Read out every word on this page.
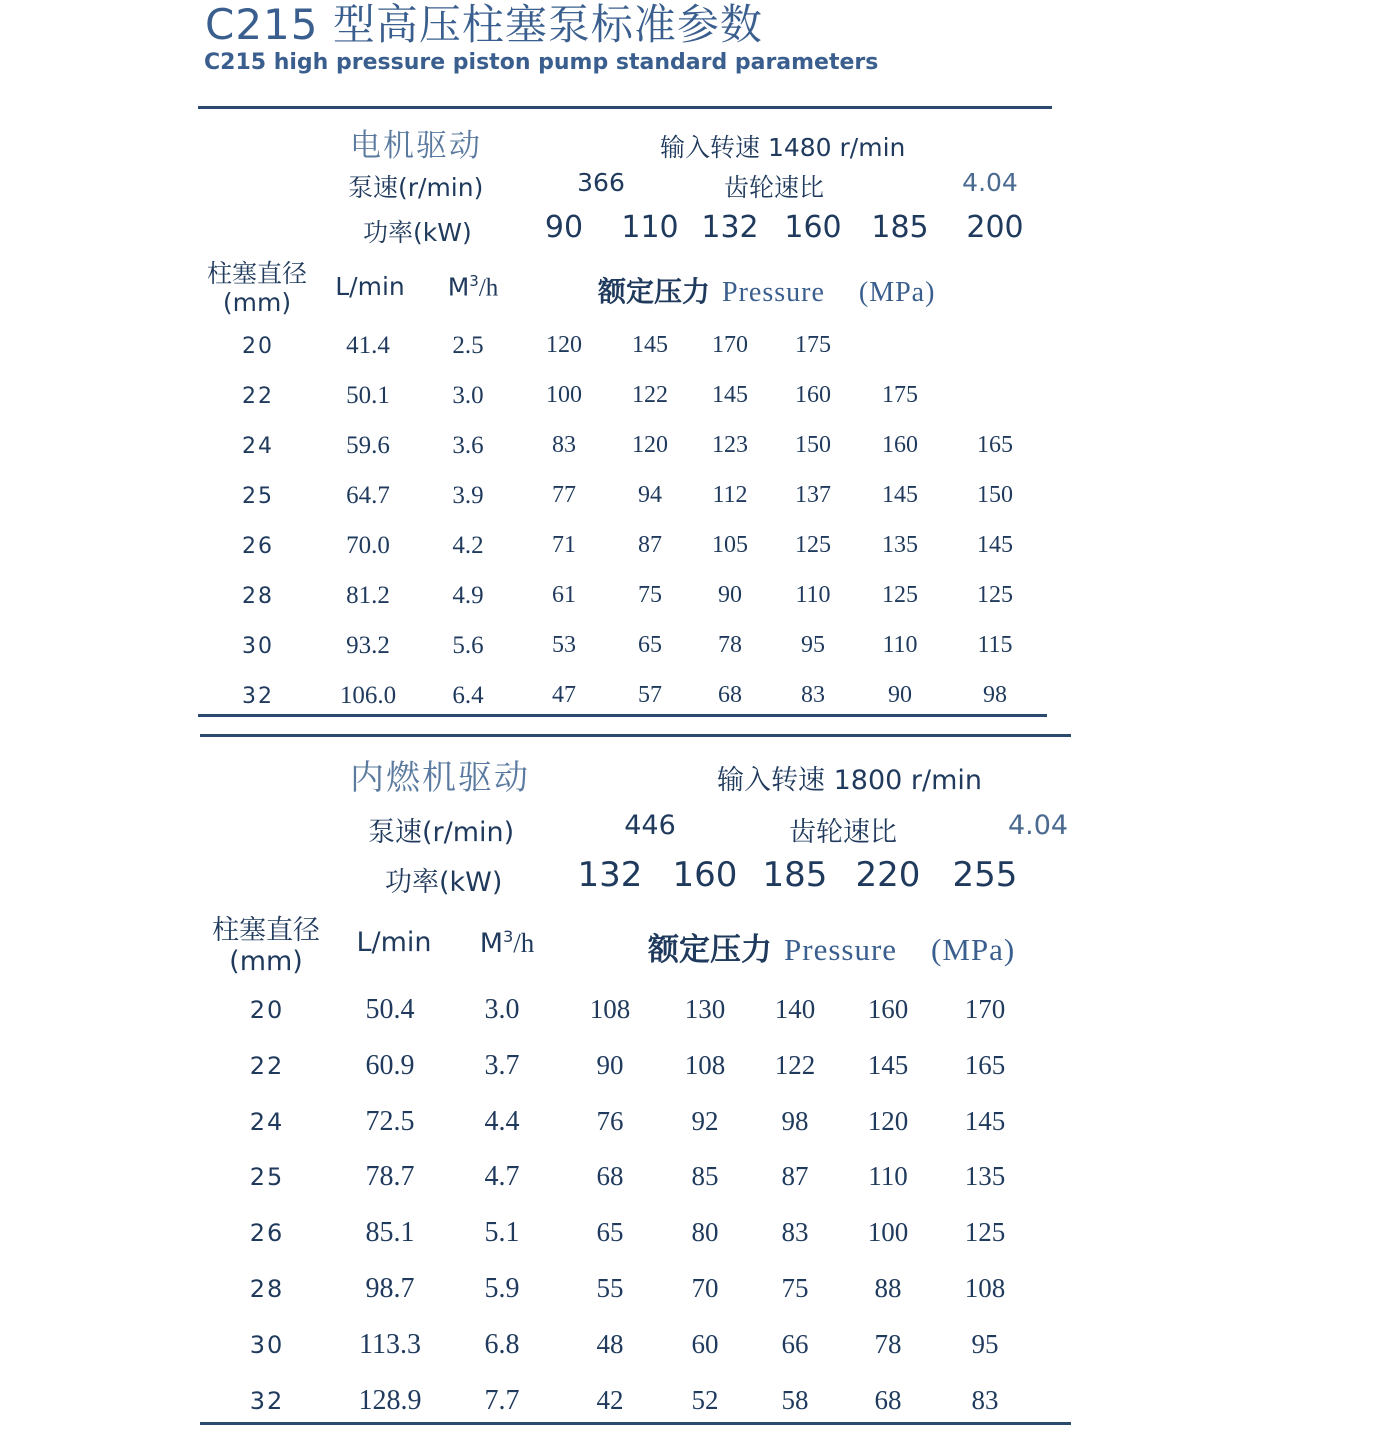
C215 型高压柱塞泵标准参数
C215 high pressure piston pump standard parameters
电机驱动	输入转速 1480 r/min
泵速(r/min)	366	齿轮速比	4.04
功率(kW) 90 110 132 160 185 200
柱塞直径
(mm)
L/min $M^3/h$	额定压力 Pressure (MPa)
20	41.4	2.5	120 145 170 175
22	50.1	3.0	100 122 145 160 175
24	59.6	3.6	83 120 123 150 160 165
25	64.7	3.9	77	94 112 137 145 150
26	70.0	4.2	71	87 105 125 135 145
28	81.2	4.9	61	75 90 110 125 125
30	93.2	5.6	53	65 78 95 110 115
32	106.0 6.4	47	57 68 83	90	98
内燃机驱动	输入转速 1800 r/min
泵速(r/min)	446	齿轮速比	4.04
功率(kW) 132 160 185 220 255
柱塞直径
(mm)
L/min $M^3/h$	额定压力 Pressure (MPa)
20	50.4	3.0	108 130 140 160 170
22	60.9	3.7	90 108 122 145 165
24	72.5	4.4	76	92 98 120 145
25	78.7	4.7	68	85 87 110 135
26	85.1	5.1	65	80 83 100 125
28	98.7	5.9	55	70 75 88 108
30	113.3 6.8	48	60 66 78	95
32	128.9 7.7	42	52 58 68	83
